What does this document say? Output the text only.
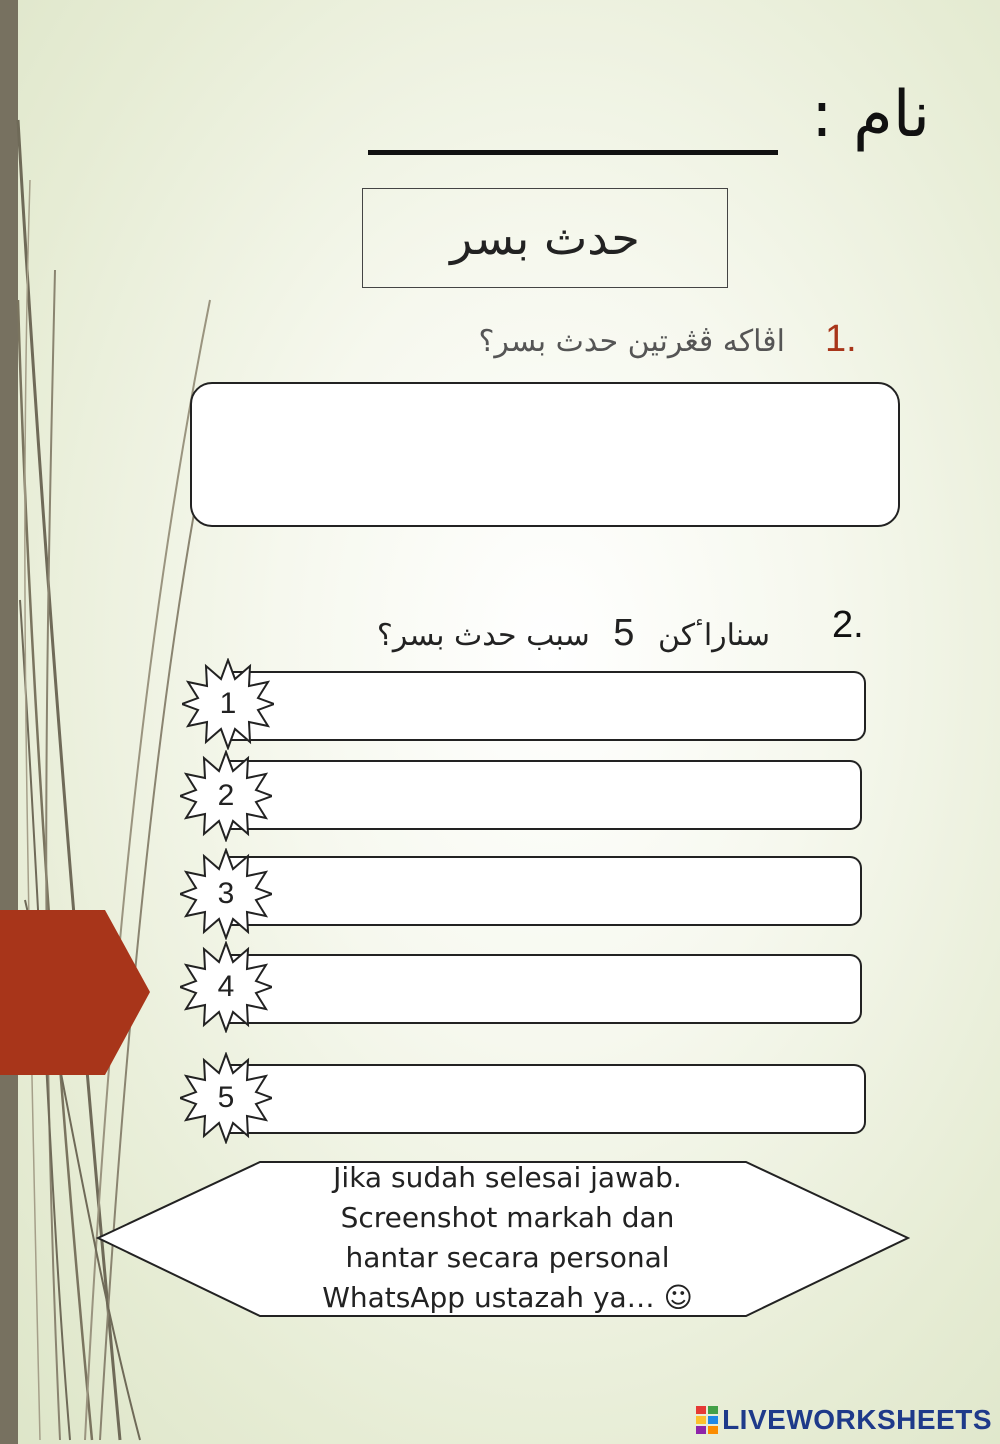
نام :
حدث بسر
1.
اڤاكه ڤڠرتين حدث بسر؟
2.
سناراٴكن 5 سبب حدث بسر؟
1
2
3
4
5
Jika sudah selesai jawab.
Screenshot markah dan
hantar secara personal
WhatsApp ustazah ya… ☺
LIVEWORKSHEETS
